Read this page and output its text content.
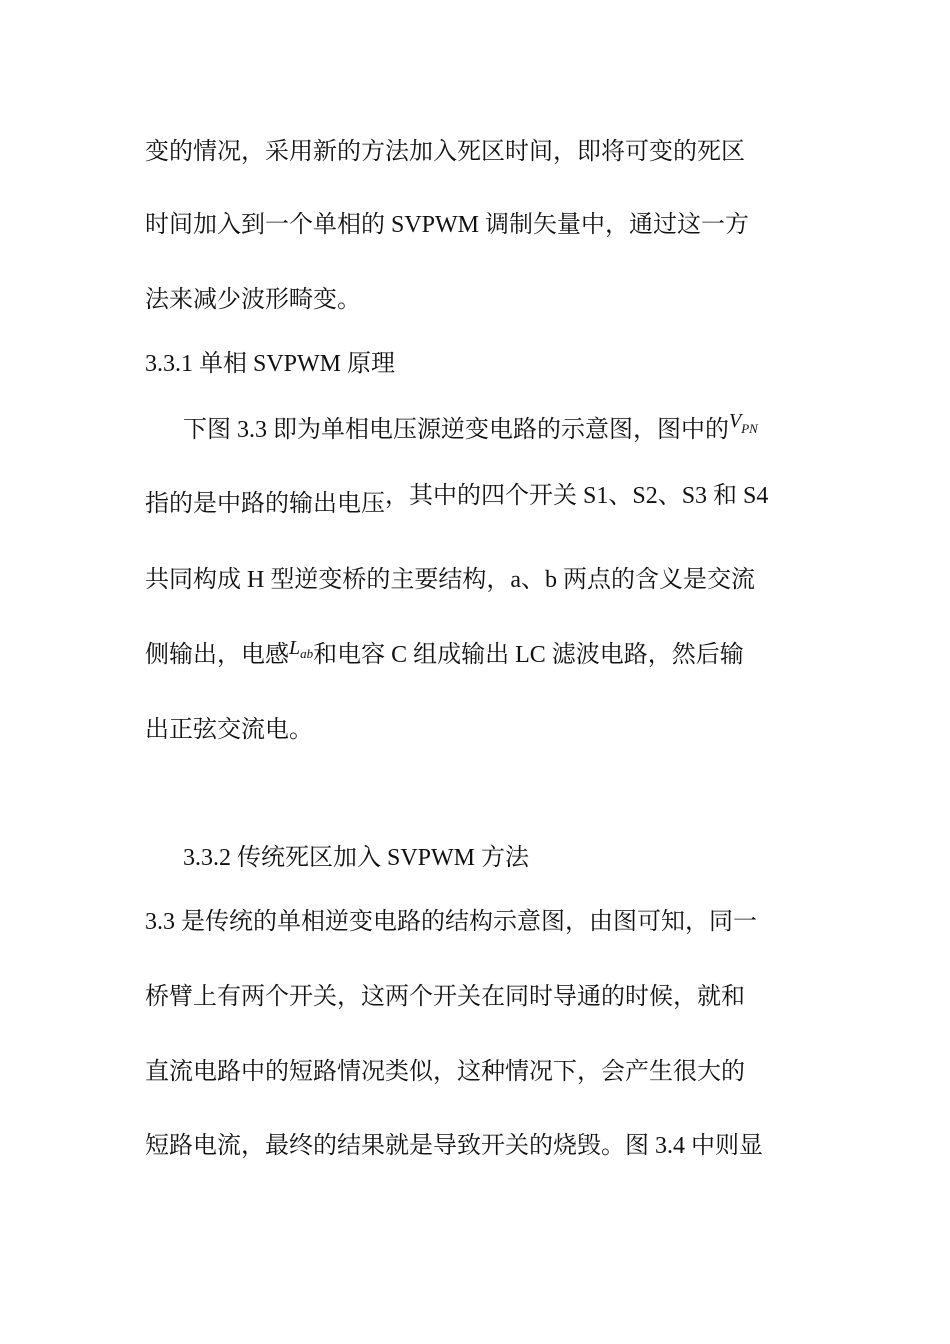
变的情况，采用新的方法加入死区时间，即将可变的死区
时间加入到一个单相的 SVPWM 调制矢量中，通过这一方
法来减少波形畸变。
3.3.1 单相 SVPWM 原理
下图 3.3 即为单相电压源逆变电路的示意图，图中的$V_{PN}$
指的是中路的输出电压，其中的四个开关 S1、S2、S3 和 S4
共同构成 H 型逆变桥的主要结构，a、b 两点的含义是交流
侧输出，电感Lab和电容 C 组成输出 LC 滤波电路，然后输
出正弦交流电。
3.3.2 传统死区加入 SVPWM 方法
3.3 是传统的单相逆变电路的结构示意图，由图可知，同一
桥臂上有两个开关，这两个开关在同时导通的时候，就和
直流电路中的短路情况类似，这种情况下，会产生很大的
短路电流，最终的结果就是导致开关的烧毁。图 3.4 中则显
